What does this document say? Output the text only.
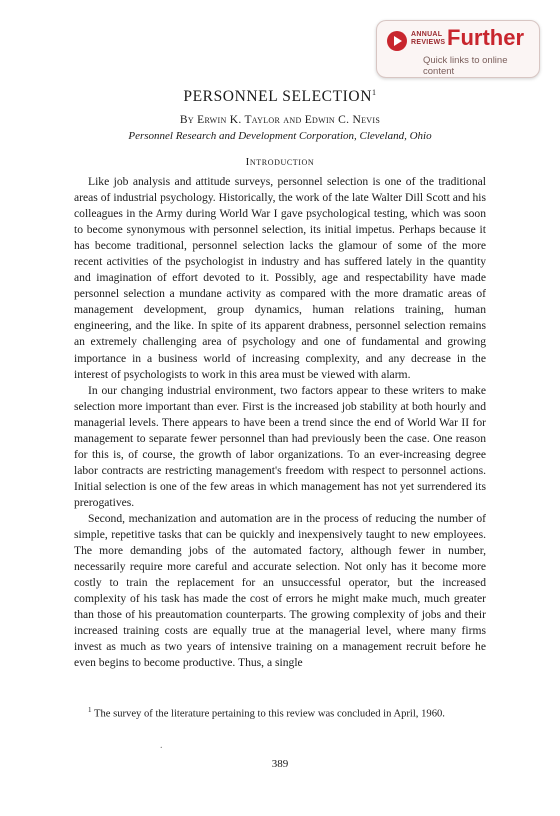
ANNUAL
REVIEWS Further
Quick links to online content
PERSONNEL SELECTION$^1$
By Erwin K. Taylor and Edwin C. Nevis
Personnel Research and Development Corporation, Cleveland, Ohio
Introduction

Like job analysis and attitude surveys, personnel selection is one of the traditional areas of industrial psychology. Historically, the work of the late Walter Dill Scott and his colleagues in the Army during World War I gave psychological testing, which was soon to become synonymous with personnel selection, its initial impetus. Perhaps because it has become traditional, personnel selection lacks the glamour of some of the more recent activities of the psychologist in industry and has suffered lately in the quantity and imagination of effort devoted to it. Possibly, age and respectability have made personnel selection a mundane activity as compared with the more dramatic areas of management development, group dynamics, human relations training, human engineering, and the like. In spite of its apparent drabness, personnel selection remains an extremely challenging area of psychology and one of fundamental and growing importance in a business world of increasing complexity, and any decrease in the interest of psychologists to work in this area must be viewed with alarm.

In our changing industrial environment, two factors appear to these writers to make selection more important than ever. First is the increased job stability at both hourly and managerial levels. There appears to have been a trend since the end of World War II for management to separate fewer personnel than had previously been the case. One reason for this is, of course, the growth of labor organizations. To an ever-increasing degree labor contracts are restricting management's freedom with respect to personnel actions. Initial selection is one of the few areas in which management has not yet surrendered its prerogatives.

Second, mechanization and automation are in the process of reducing the number of simple, repetitive tasks that can be quickly and inexpensively taught to new employees. The more demanding jobs of the automated factory, although fewer in number, necessarily require more careful and accurate selection. Not only has it become more costly to train the replacement for an unsuccessful operator, but the increased complexity of his task has made the cost of errors he might make much, much greater than those of his preautomation counterparts. The growing complexity of jobs and their increased training costs are equally true at the managerial level, where many firms invest as much as two years of intensive training on a management recruit before he even begins to become productive. Thus, a single

$^1$ The survey of the literature pertaining to this review was concluded in April, 1960.

.
389
